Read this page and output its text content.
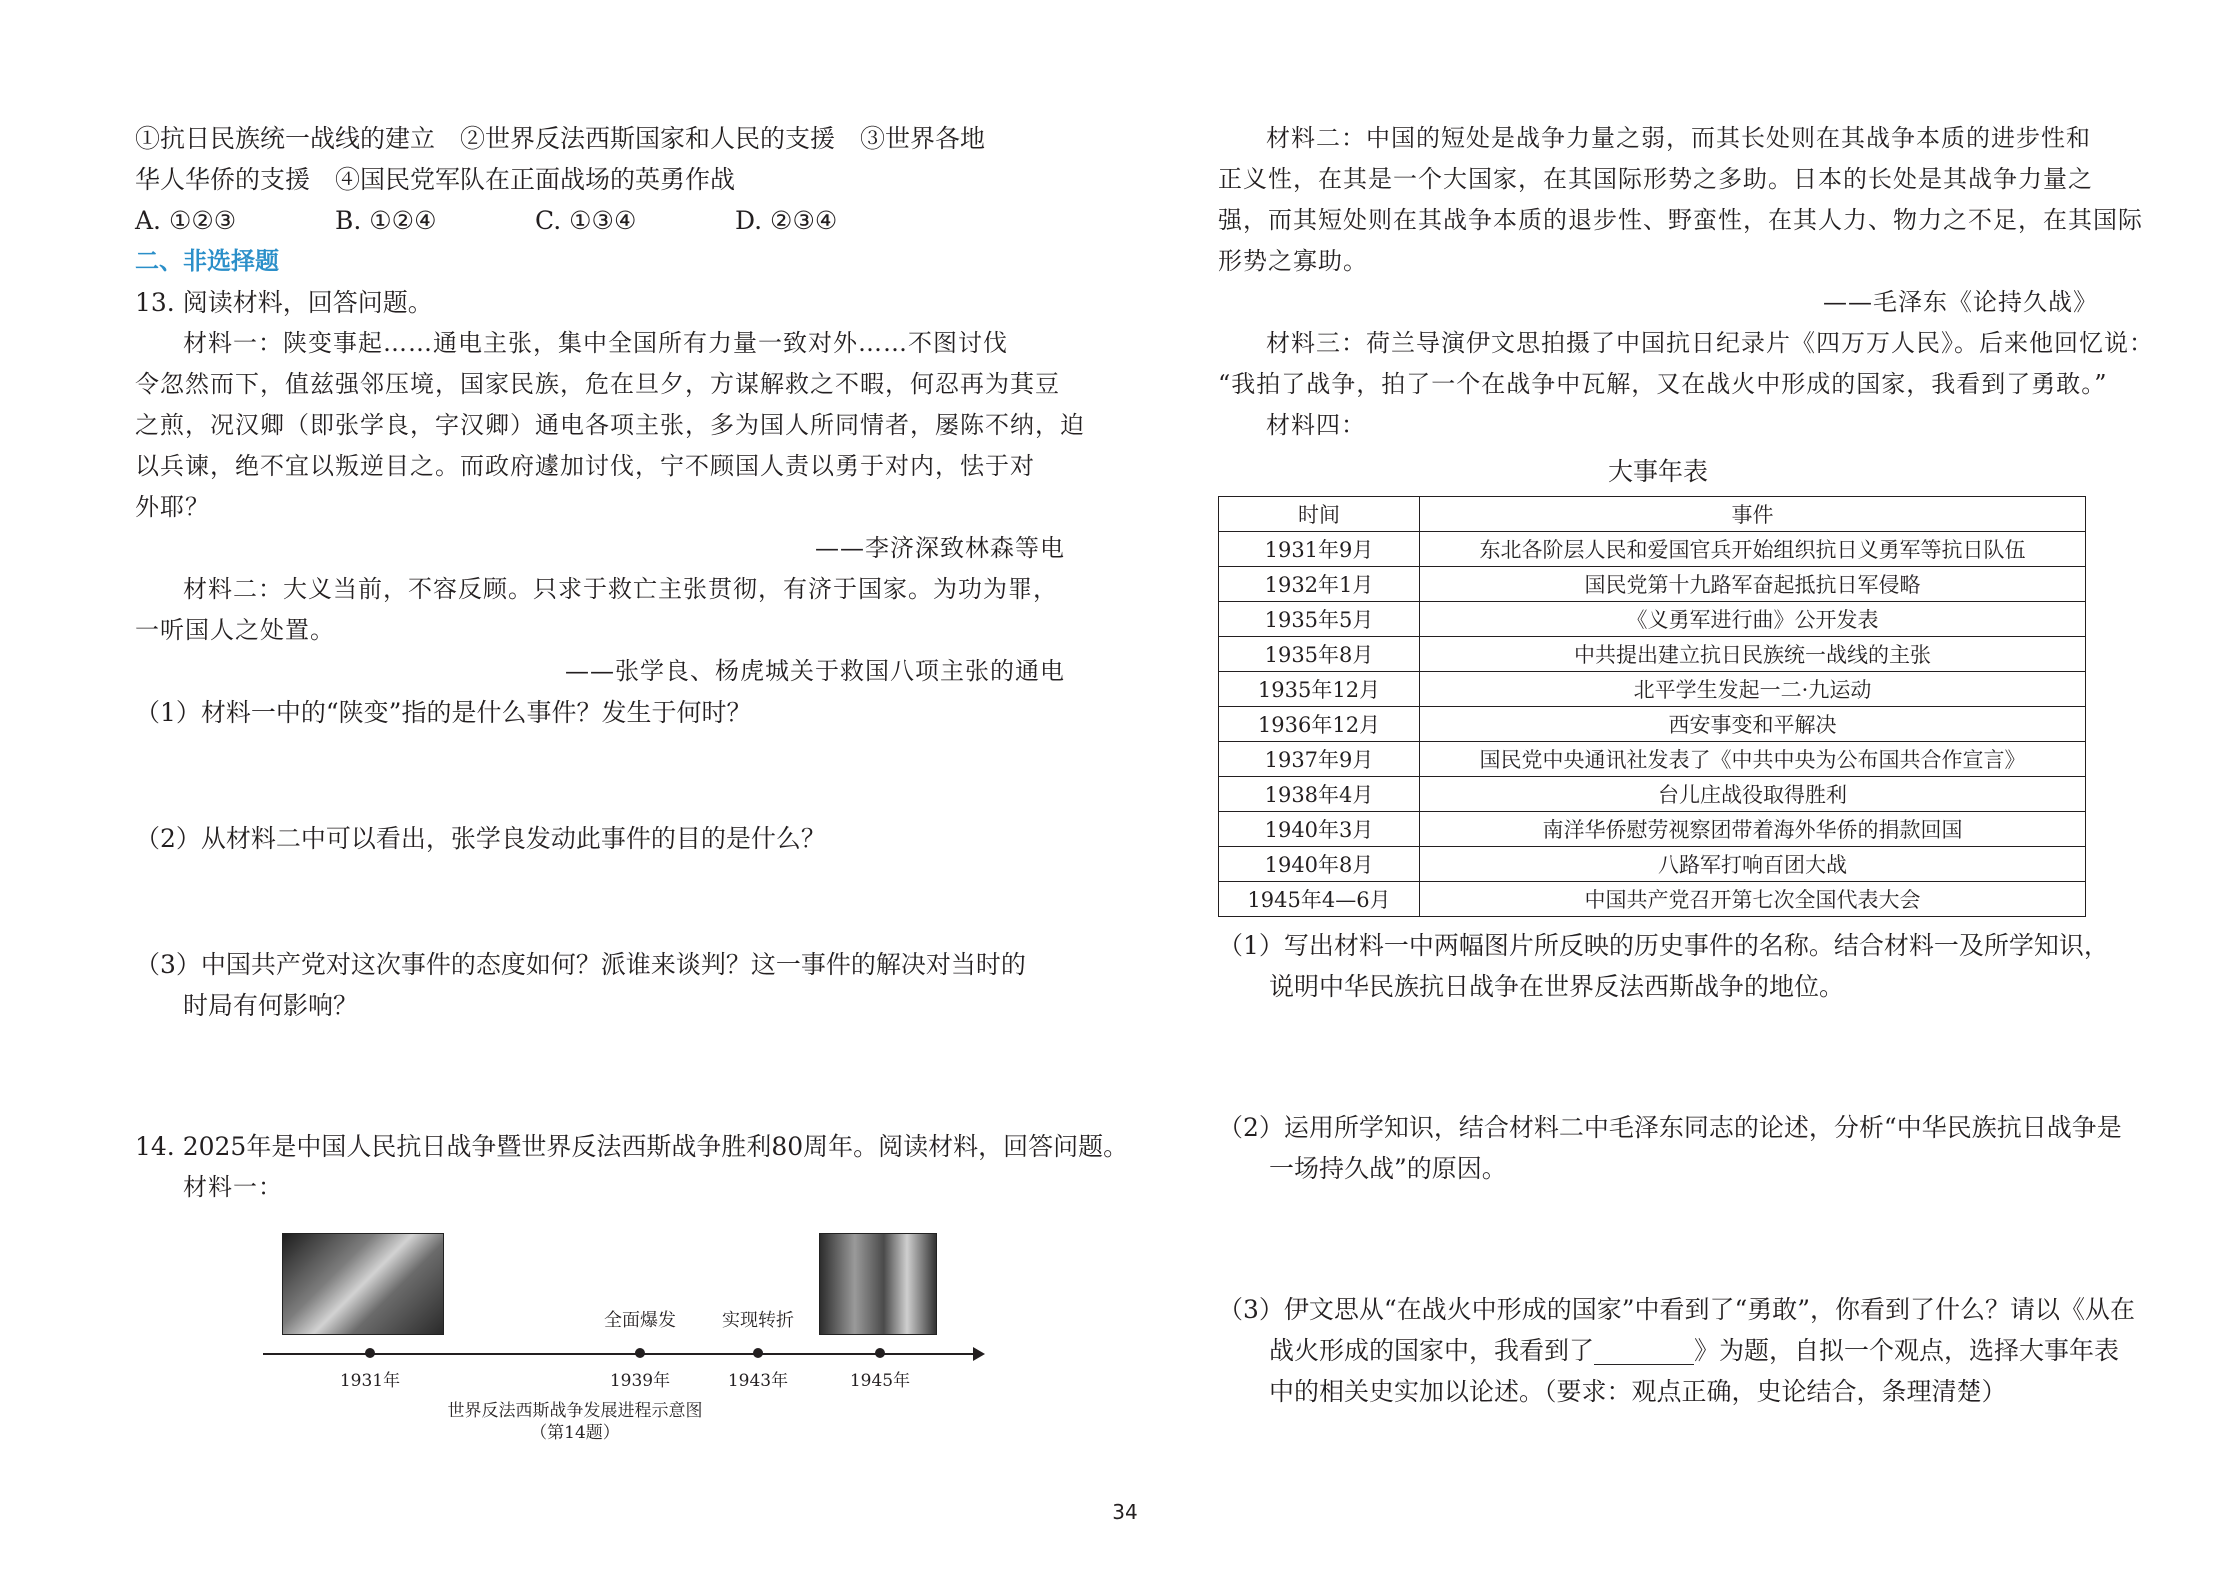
①抗日民族统一战线的建立　②世界反法西斯国家和人民的支援　③世界各地
华人华侨的支援　④国民党军队在正面战场的英勇作战
A. ①②③	B. ①②④	C. ①③④	D. ②③④
二、非选择题
13. 阅读材料，回答问题。
材料一：陕变事起……通电主张，集中全国所有力量一致对外……不图讨伐
令忽然而下，值兹强邻压境，国家民族，危在旦夕，方谋解救之不暇，何忍再为萁豆
之煎，况汉卿（即张学良，字汉卿）通电各项主张，多为国人所同情者，屡陈不纳，迫
以兵谏，绝不宜以叛逆目之。而政府遽加讨伐，宁不顾国人责以勇于对内，怯于对
外耶？
——李济深致林森等电
材料二：大义当前，不容反顾。只求于救亡主张贯彻，有济于国家。为功为罪，
一听国人之处置。
——张学良、杨虎城关于救国八项主张的通电
（1）材料一中的“陕变”指的是什么事件？发生于何时？
（2）从材料二中可以看出，张学良发动此事件的目的是什么？
（3）中国共产党对这次事件的态度如何？派谁来谈判？这一事件的解决对当时的
时局有何影响？
14. 2025年是中国人民抗日战争暨世界反法西斯战争胜利80周年。阅读材料，回答问题。
材料一：
全面爆发	实现转折
1931年	1939年	1943年	1945年
世界反法西斯战争发展进程示意图
（第14题）
材料二：中国的短处是战争力量之弱，而其长处则在其战争本质的进步性和
正义性，在其是一个大国家，在其国际形势之多助。日本的长处是其战争力量之
强，而其短处则在其战争本质的退步性、野蛮性，在其人力、物力之不足，在其国际
形势之寡助。
——毛泽东《论持久战》
材料三：荷兰导演伊文思拍摄了中国抗日纪录片《四万万人民》。后来他回忆说：
“我拍了战争，拍了一个在战争中瓦解，又在战火中形成的国家，我看到了勇敢。”
材料四：
大事年表
时间	事件
1931年9月	东北各阶层人民和爱国官兵开始组织抗日义勇军等抗日队伍
1932年1月	国民党第十九路军奋起抵抗日军侵略
1935年5月	《义勇军进行曲》公开发表
1935年8月	中共提出建立抗日民族统一战线的主张
1935年12月	北平学生发起一二·九运动
1936年12月	西安事变和平解决
1937年9月	国民党中央通讯社发表了《中共中央为公布国共合作宣言》
1938年4月	台儿庄战役取得胜利
1940年3月	南洋华侨慰劳视察团带着海外华侨的捐款回国
1940年8月	八路军打响百团大战
1945年4—6月	中国共产党召开第七次全国代表大会
（1）写出材料一中两幅图片所反映的历史事件的名称。结合材料一及所学知识，
说明中华民族抗日战争在世界反法西斯战争的地位。
（2）运用所学知识，结合材料二中毛泽东同志的论述，分析“中华民族抗日战争是
一场持久战”的原因。
（3）伊文思从“在战火中形成的国家”中看到了“勇敢”，你看到了什么？请以《从在
战火形成的国家中，我看到了________》为题，自拟一个观点，选择大事年表
中的相关史实加以论述。（要求：观点正确，史论结合，条理清楚）
34
